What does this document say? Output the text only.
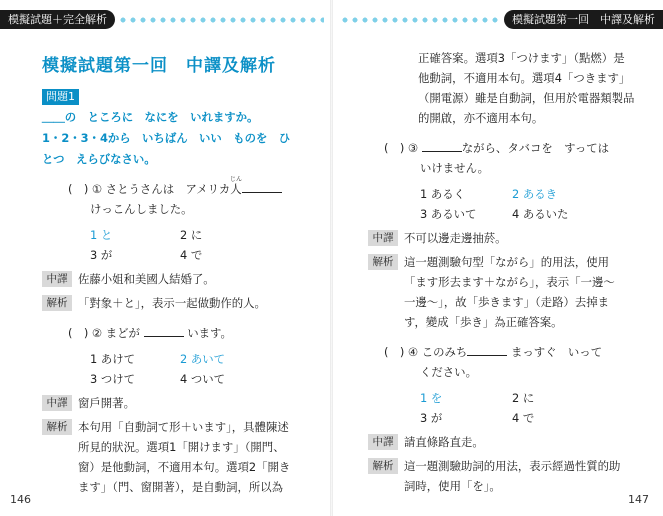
模擬試題＋完全解析
模擬試題第一回　中譯及解析
問題1
＿＿の　ところに　なにを　いれますか。
1・2・3・4から　いちばん　いい　ものを　ひ
とつ　えらびなさい。
(　) ① さとうさんは　アメリカ人じん
けっこんしました。
1 と	2 に
3 が	4 で
中譯 佐藤小姐和美國人結婚了。
解析 「對象＋と」，表示一起做動作的人。
(　) ② まどが	います。
1 あけて	2 あいて
3 つけて	4 ついて
中譯 窗戶開著。
解析 本句用「自動詞て形＋います」，具體陳述
所見的狀況。選項1「開けます」（開門、
窗）是他動詞，不適用本句。選項2「開き
ます」（門、窗開著），是自動詞，所以為
146
模擬試題第一回　中譯及解析
正確答案。選項3「つけます」（點燃）是
他動詞，不適用本句。選項4「つきます」
（開電源）雖是自動詞，但用於電器類製品
的開啟，亦不適用本句。
(　) ③	ながら、タバコを　すっては
いけません。
1 あるく	2 あるき
3 あるいて	4 あるいた
中譯 不可以邊走邊抽菸。
解析 這一題測驗句型「ながら」的用法，使用
「ます形去ます＋ながら」，表示「一邊～
一邊～」，故「歩きます」（走路）去掉ま
す，變成「歩き」為正確答案。
(　) ④ このみち	まっすぐ　いって
ください。
1 を	2 に
3 が	4 で
中譯 請直條路直走。
解析 這一題測驗助詞的用法，表示經過性質的助
詞時，使用「を」。
147
